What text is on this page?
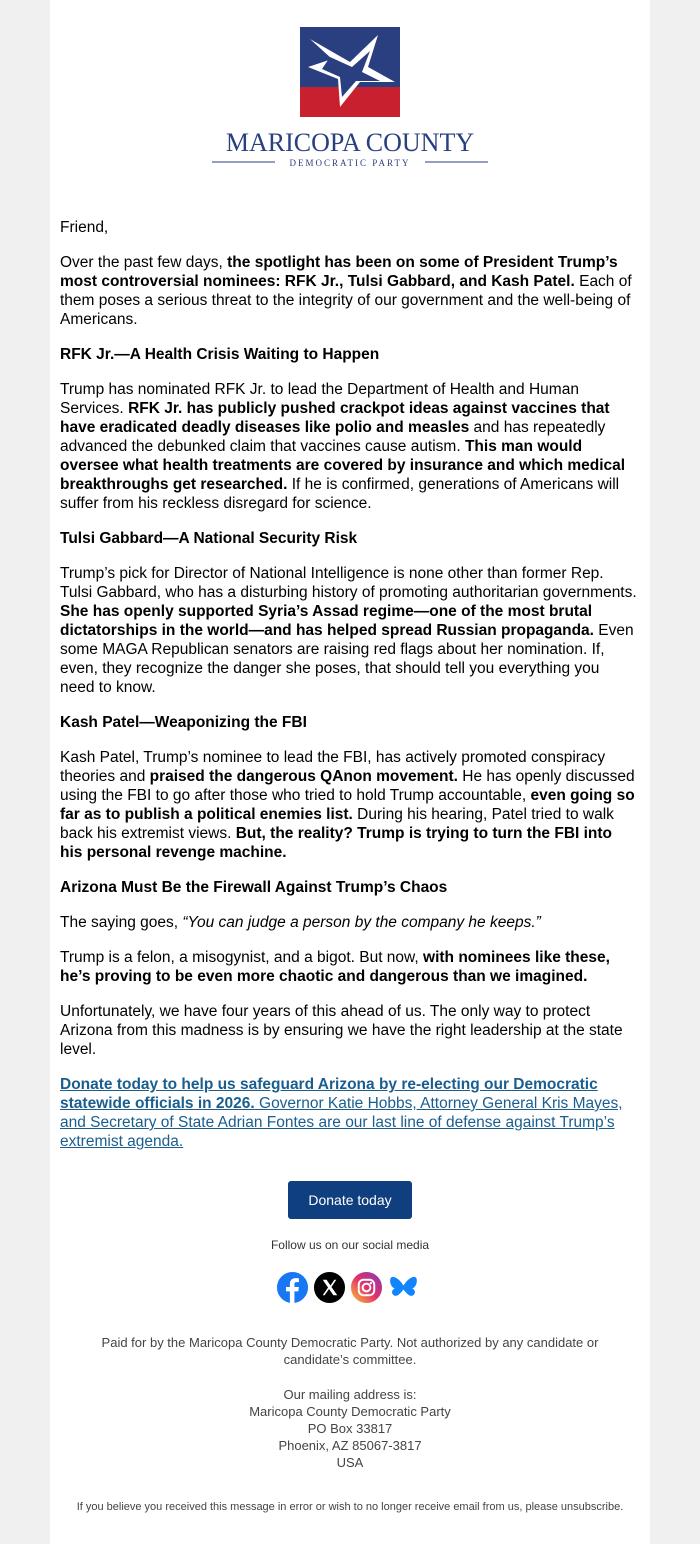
MARICOPA COUNTY
DEMOCRATIC PARTY

Friend,

Over the past few days, the spotlight has been on some of President Trump’s most controversial nominees: RFK Jr., Tulsi Gabbard, and Kash Patel. Each of them poses a serious threat to the integrity of our government and the well-being of Americans.

RFK Jr.—A Health Crisis Waiting to Happen

Trump has nominated RFK Jr. to lead the Department of Health and Human Services. RFK Jr. has publicly pushed crackpot ideas against vaccines that have eradicated deadly diseases like polio and measles and has repeatedly advanced the debunked claim that vaccines cause autism. This man would oversee what health treatments are covered by insurance and which medical breakthroughs get researched. If he is confirmed, generations of Americans will suffer from his reckless disregard for science.

Tulsi Gabbard—A National Security Risk

Trump’s pick for Director of National Intelligence is none other than former Rep. Tulsi Gabbard, who has a disturbing history of promoting authoritarian governments. She has openly supported Syria’s Assad regime—one of the most brutal dictatorships in the world—and has helped spread Russian propaganda. Even some MAGA Republican senators are raising red flags about her nomination. If, even, they recognize the danger she poses, that should tell you everything you need to know.

Kash Patel—Weaponizing the FBI

Kash Patel, Trump’s nominee to lead the FBI, has actively promoted conspiracy theories and praised the dangerous QAnon movement. He has openly discussed using the FBI to go after those who tried to hold Trump accountable, even going so far as to publish a political enemies list. During his hearing, Patel tried to walk back his extremist views. But, the reality? Trump is trying to turn the FBI into his personal revenge machine.

Arizona Must Be the Firewall Against Trump’s Chaos

The saying goes, “You can judge a person by the company he keeps.”

Trump is a felon, a misogynist, and a bigot. But now, with nominees like these, he’s proving to be even more chaotic and dangerous than we imagined.

Unfortunately, we have four years of this ahead of us. The only way to protect Arizona from this madness is by ensuring we have the right leadership at the state level.

Donate today to help us safeguard Arizona by re-electing our Democratic statewide officials in 2026. Governor Katie Hobbs, Attorney General Kris Mayes, and Secretary of State Adrian Fontes are our last line of defense against Trump’s extremist agenda.

Donate today
Follow us on our social media
Paid for by the Maricopa County Democratic Party. Not authorized by any candidate or candidate’s committee.
Our mailing address is:
Maricopa County Democratic Party
PO Box 33817
Phoenix, AZ 85067-3817
USA
If you believe you received this message in error or wish to no longer receive email from us, please unsubscribe.
